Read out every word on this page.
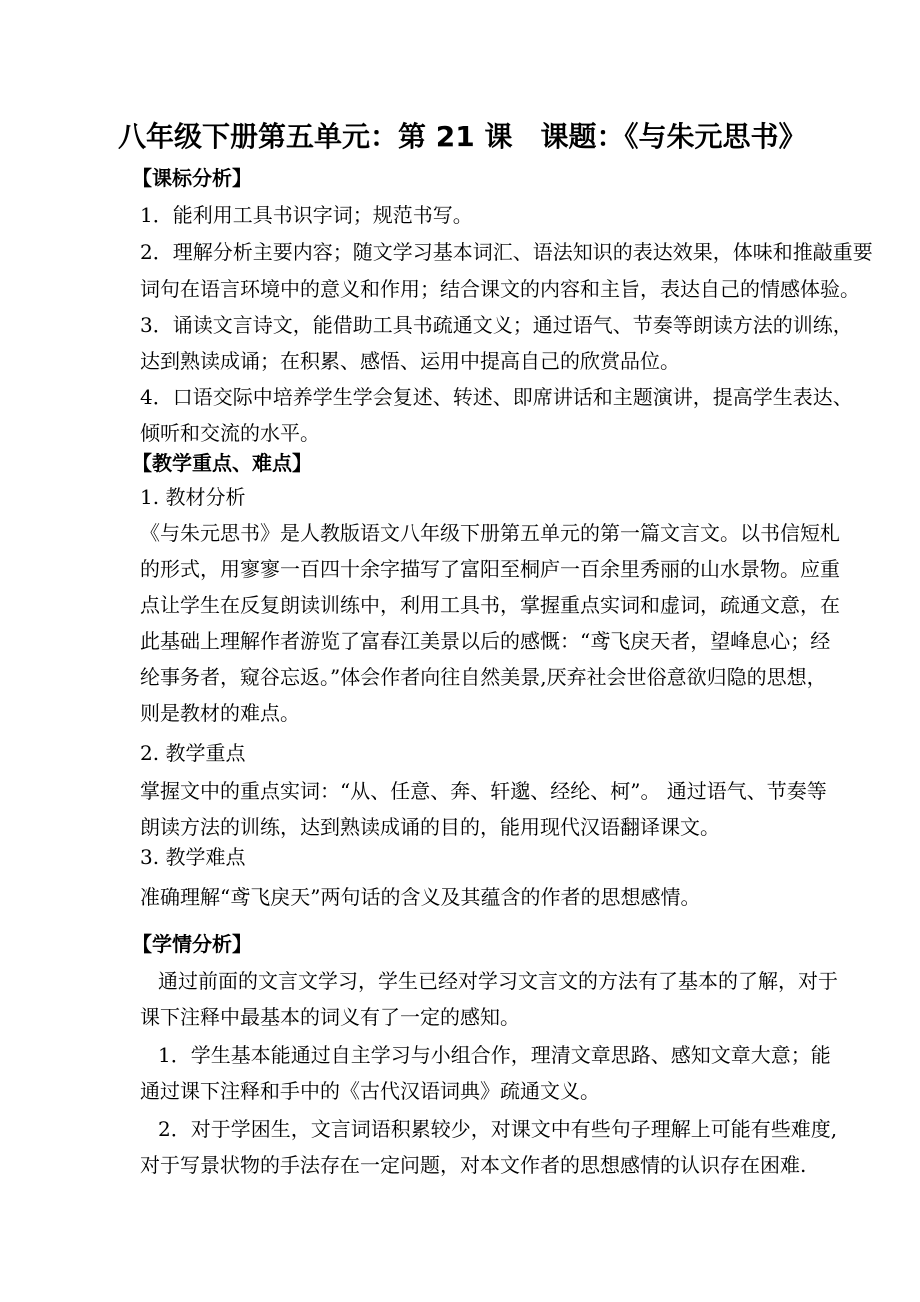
八年级下册第五单元：第 21 课　课题：《与朱元思书》
【课标分析】
1．能利用工具书识字词；规范书写。
2．理解分析主要内容；随文学习基本词汇、语法知识的表达效果，体味和推敲重要
词句在语言环境中的意义和作用；结合课文的内容和主旨，表达自己的情感体验。
3．诵读文言诗文，能借助工具书疏通文义；通过语气、节奏等朗读方法的训练，
达到熟读成诵；在积累、感悟、运用中提高自己的欣赏品位。
4．口语交际中培养学生学会复述、转述、即席讲话和主题演讲，提高学生表达、
倾听和交流的水平。
【教学重点、难点】
1. 教材分析
《与朱元思书》是人教版语文八年级下册第五单元的第一篇文言文。以书信短札
的形式，用寥寥一百四十余字描写了富阳至桐庐一百余里秀丽的山水景物。应重
点让学生在反复朗读训练中，利用工具书，掌握重点实词和虚词，疏通文意，在
此基础上理解作者游览了富春江美景以后的感慨：“鸢飞戾天者，望峰息心；经
纶事务者，窥谷忘返。”体会作者向往自然美景,厌弃社会世俗意欲归隐的思想，
则是教材的难点。
2. 教学重点
掌握文中的重点实词：“从、任意、奔、轩邈、经纶、柯”。 通过语气、节奏等
朗读方法的训练，达到熟读成诵的目的，能用现代汉语翻译课文。
3. 教学难点
准确理解“鸢飞戾天”两句话的含义及其蕴含的作者的思想感情。
【学情分析】
通过前面的文言文学习，学生已经对学习文言文的方法有了基本的了解，对于
课下注释中最基本的词义有了一定的感知。
1．学生基本能通过自主学习与小组合作，理清文章思路、感知文章大意；能
通过课下注释和手中的《古代汉语词典》疏通文义。
2．对于学困生，文言词语积累较少，对课文中有些句子理解上可能有些难度,
对于写景状物的手法存在一定问题，对本文作者的思想感情的认识存在困难.
